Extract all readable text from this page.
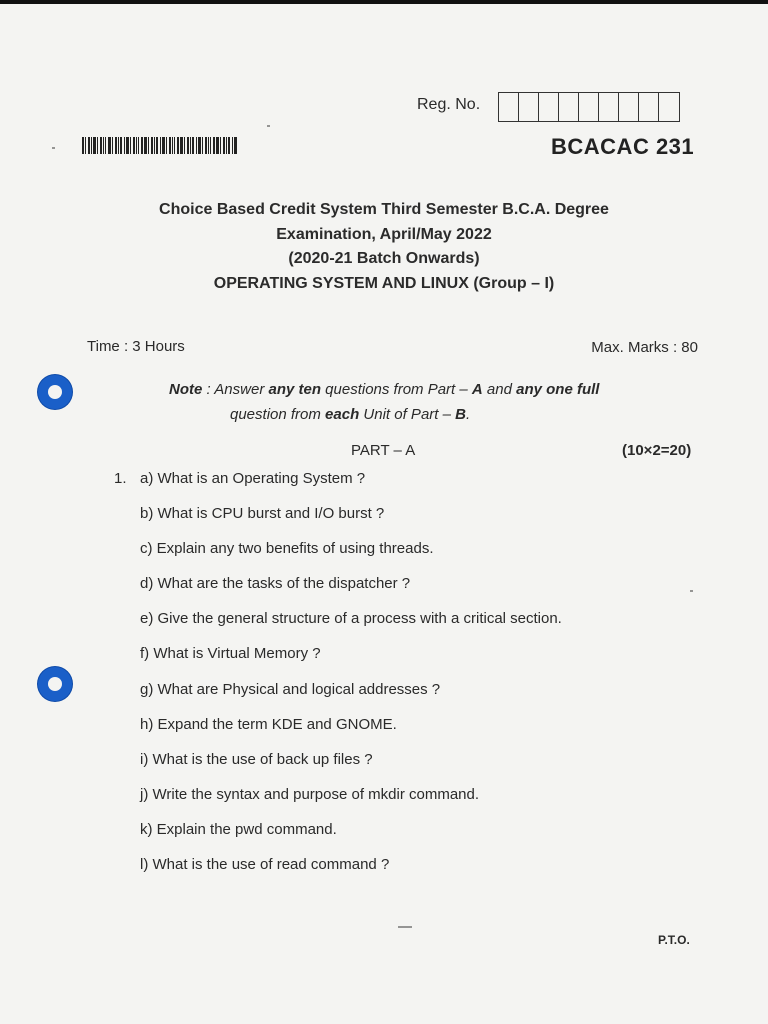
Reg. No.
BCACAC 231
Choice Based Credit System Third Semester B.C.A. Degree
Examination, April/May 2022
(2020-21 Batch Onwards)
OPERATING SYSTEM AND LINUX (Group – I)
Time : 3 Hours	Max. Marks : 80
Note : Answer any ten questions from Part – A and any one full
question from each Unit of Part – B.
PART – A	(10×2=20)
1. a) What is an Operating System ?
b) What is CPU burst and I/O burst ?
c) Explain any two benefits of using threads.
d) What are the tasks of the dispatcher ?
e) Give the general structure of a process with a critical section.
f) What is Virtual Memory ?
g) What are Physical and logical addresses ?
h) Expand the term KDE and GNOME.
i) What is the use of back up files ?
j) Write the syntax and purpose of mkdir command.
k) Explain the pwd command.
l) What is the use of read command ?
P.T.O.
